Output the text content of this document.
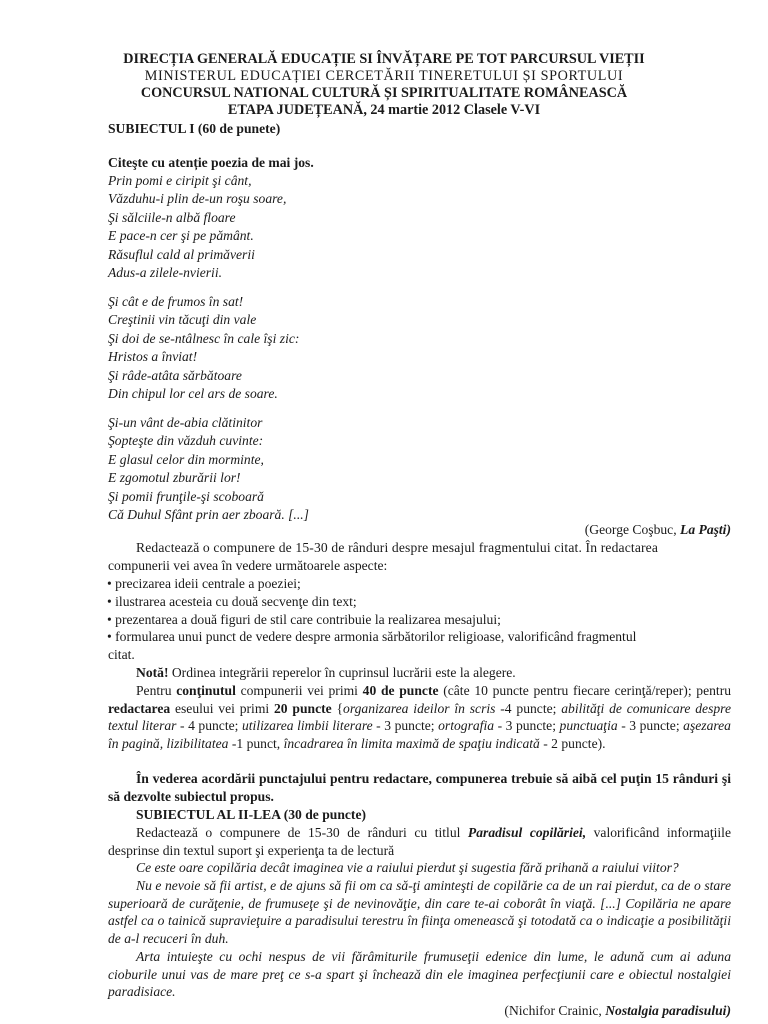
DIRECȚIA GENERALĂ EDUCAȚIE SI ÎNVĂȚARE PE TOT PARCURSUL VIEȚII
MINISTERUL EDUCAȚIEI CERCETĂRII TINERETULUI ȘI SPORTULUI
CONCURSUL NATIONAL CULTURĂ ȘI SPIRITUALITATE ROMÂNEASCĂ
ETAPA JUDEȚEANĂ, 24 martie 2012 Clasele V-VI
SUBIECTUL I (60 de punete)
Citeşte cu atenție poezia de mai jos.
Prin pomi e ciripit şi cânt,
Văzduhu-i plin de-un roşu soare,
Şi sălciile-n albă floare
E pace-n cer şi pe pământ.
Răsuflul cald al primăverii
Adus-a zilele-nvierii.
Şi cât e de frumos în sat!
Creştinii vin tăcuţi din vale
Şi doi de se-ntâlnesc în cale îşi zic:
Hristos a înviat!
Şi râde-atâta sărbătoare
Din chipul lor cel ars de soare.
Şi-un vânt de-abia clătinitor
Şopteşte din văzduh cuvinte:
E glasul celor din morminte,
E zgomotul zburării lor!
Şi pomii frunţile-şi scoboară
Că Duhul Sfânt prin aer zboară. [...]
(George Coşbuc, La Paşti)
Redactează o compunere de 15-30 de rânduri despre mesajul fragmentului citat. În redactarea
compunerii vei avea în vedere următoarele aspecte:
• precizarea ideii centrale a poeziei;
• ilustrarea acesteia cu două secvenţe din text;
• prezentarea a două figuri de stil care contribuie la realizarea mesajului;
• formularea unui punct de vedere despre armonia sărbătorilor religioase, valorificând fragmentul
citat.
Notă! Ordinea integrării reperelor în cuprinsul lucrării este la alegere.
Pentru conţinutul compunerii vei primi 40 de puncte (câte 10 puncte pentru fiecare cerinţă/reper); pentru redactarea eseului vei primi 20 puncte {organizarea ideilor în scris -4 puncte; abilităţi de comunicare despre textul literar - 4 puncte; utilizarea limbii literare - 3 puncte; ortografia - 3 puncte; punctuaţia - 3 puncte; aşezarea în pagină, lizibilitatea -1 punct, încadrarea în limita maximă de spaţiu indicată - 2 puncte).
În vederea acordării punctajului pentru redactare, compunerea trebuie să aibă cel puţin 15 rânduri şi să dezvolte subiectul propus.
SUBIECTUL AL II-LEA (30 de puncte)
Redactează o compunere de 15-30 de rânduri cu titlul Paradisul copilăriei, valorificând informaţiile desprinse din textul suport şi experienţa ta de lectură
Ce este oare copilăria decât imaginea vie a raiului pierdut şi sugestia fără prihană a raiului viitor?
Nu e nevoie să fii artist, e de ajuns să fii om ca să-ţi aminteşti de copilărie ca de un rai pierdut, ca de o stare superioară de curăţenie, de frumuseţe şi de nevinovăţie, din care te-ai coborât în viaţă. [...] Copilăria ne apare astfel ca o tainică supravieţuire a paradisului terestru în fiinţa omenească şi totodată ca o indicaţie a posibilităţii de a-l recuceri în duh.
Arta intuieşte cu ochi nespus de vii fărâmiturile frumuseţii edenice din lume, le adună cum ai aduna cioburile unui vas de mare preţ ce s-a spart şi închează din ele imaginea perfecţiunii care e obiectul nostalgiei paradisiace.
(Nichifor Crainic, Nostalgia paradisului)
